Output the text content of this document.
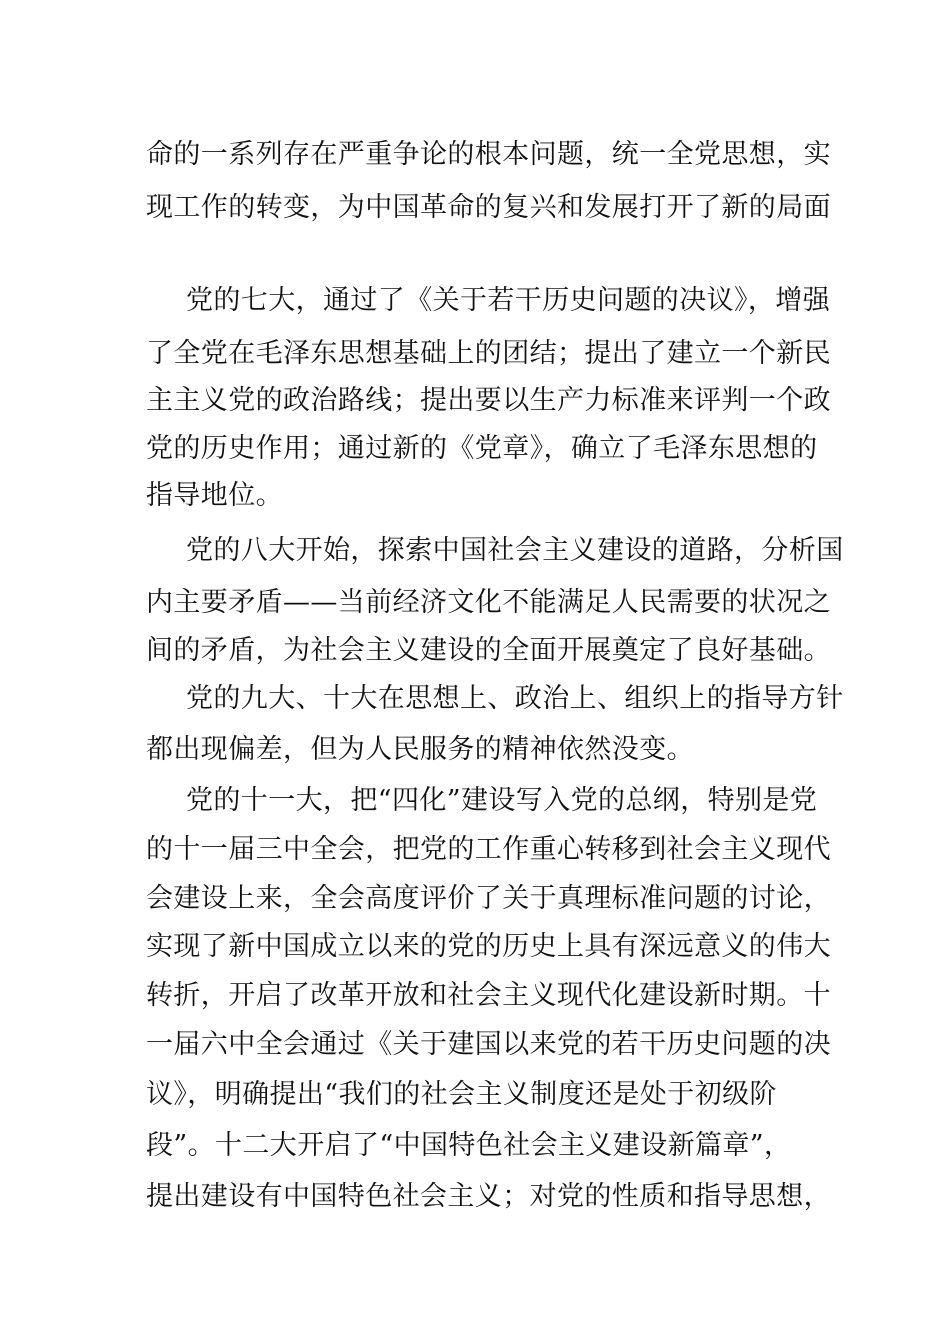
命的一系列存在严重争论的根本问题，统一全党思想，实
现工作的转变，为中国革命的复兴和发展打开了新的局面
党的七大，通过了《关于若干历史问题的决议》，增强
了全党在毛泽东思想基础上的团结；提出了建立一个新民
主主义党的政治路线；提出要以生产力标准来评判一个政
党的历史作用；通过新的《党章》，确立了毛泽东思想的
指导地位。
党的八大开始，探索中国社会主义建设的道路，分析国
内主要矛盾——当前经济文化不能满足人民需要的状况之
间的矛盾，为社会主义建设的全面开展奠定了良好基础。
党的九大、十大在思想上、政治上、组织上的指导方针
都出现偏差，但为人民服务的精神依然没变。
党的十一大，把“四化”建设写入党的总纲，特别是党
的十一届三中全会，把党的工作重心转移到社会主义现代
会建设上来，全会高度评价了关于真理标准问题的讨论，
实现了新中国成立以来的党的历史上具有深远意义的伟大
转折，开启了改革开放和社会主义现代化建设新时期。十
一届六中全会通过《关于建国以来党的若干历史问题的决
议》，明确提出“我们的社会主义制度还是处于初级阶
段”。十二大开启了“中国特色社会主义建设新篇章”，
提出建设有中国特色社会主义；对党的性质和指导思想，
